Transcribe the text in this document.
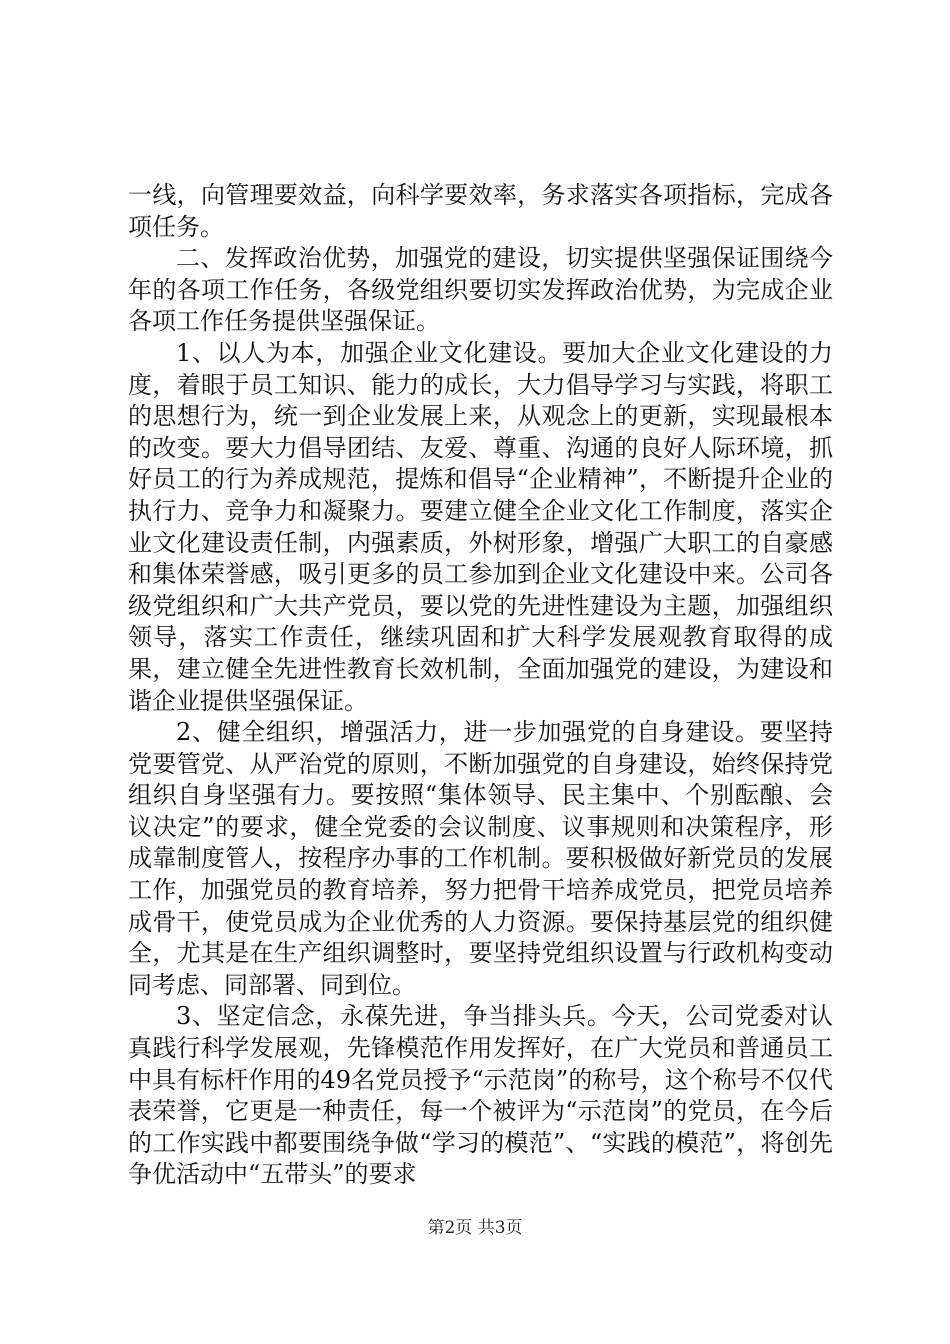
一线，向管理要效益，向科学要效率，务求落实各项指标，完成各项任务。

二、发挥政治优势，加强党的建设，切实提供坚强保证围绕今年的各项工作任务，各级党组织要切实发挥政治优势，为完成企业各项工作任务提供坚强保证。

1、以人为本，加强企业文化建设。要加大企业文化建设的力度，着眼于员工知识、能力的成长，大力倡导学习与实践，将职工的思想行为，统一到企业发展上来，从观念上的更新，实现最根本的改变。要大力倡导团结、友爱、尊重、沟通的良好人际环境，抓好员工的行为养成规范，提炼和倡导“企业精神”，不断提升企业的执行力、竞争力和凝聚力。要建立健全企业文化工作制度，落实企业文化建设责任制，内强素质，外树形象，增强广大职工的自豪感和集体荣誉感，吸引更多的员工参加到企业文化建设中来。公司各级党组织和广大共产党员，要以党的先进性建设为主题，加强组织领导，落实工作责任，继续巩固和扩大科学发展观教育取得的成果，建立健全先进性教育长效机制，全面加强党的建设，为建设和谐企业提供坚强保证。

2、健全组织，增强活力，进一步加强党的自身建设。要坚持党要管党、从严治党的原则，不断加强党的自身建设，始终保持党组织自身坚强有力。要按照“集体领导、民主集中、个别酝酿、会议决定”的要求，健全党委的会议制度、议事规则和决策程序，形成靠制度管人，按程序办事的工作机制。要积极做好新党员的发展工作，加强党员的教育培养，努力把骨干培养成党员，把党员培养成骨干，使党员成为企业优秀的人力资源。要保持基层党的组织健全，尤其是在生产组织调整时，要坚持党组织设置与行政机构变动同考虑、同部署、同到位。

3、坚定信念，永葆先进，争当排头兵。今天，公司党委对认真践行科学发展观，先锋模范作用发挥好，在广大党员和普通员工中具有标杆作用的49名党员授予“示范岗”的称号，这个称号不仅代表荣誉，它更是一种责任，每一个被评为“示范岗”的党员，在今后的工作实践中都要围绕争做“学习的模范”、“实践的模范”，将创先争优活动中“五带头”的要求

第2页 共3页
